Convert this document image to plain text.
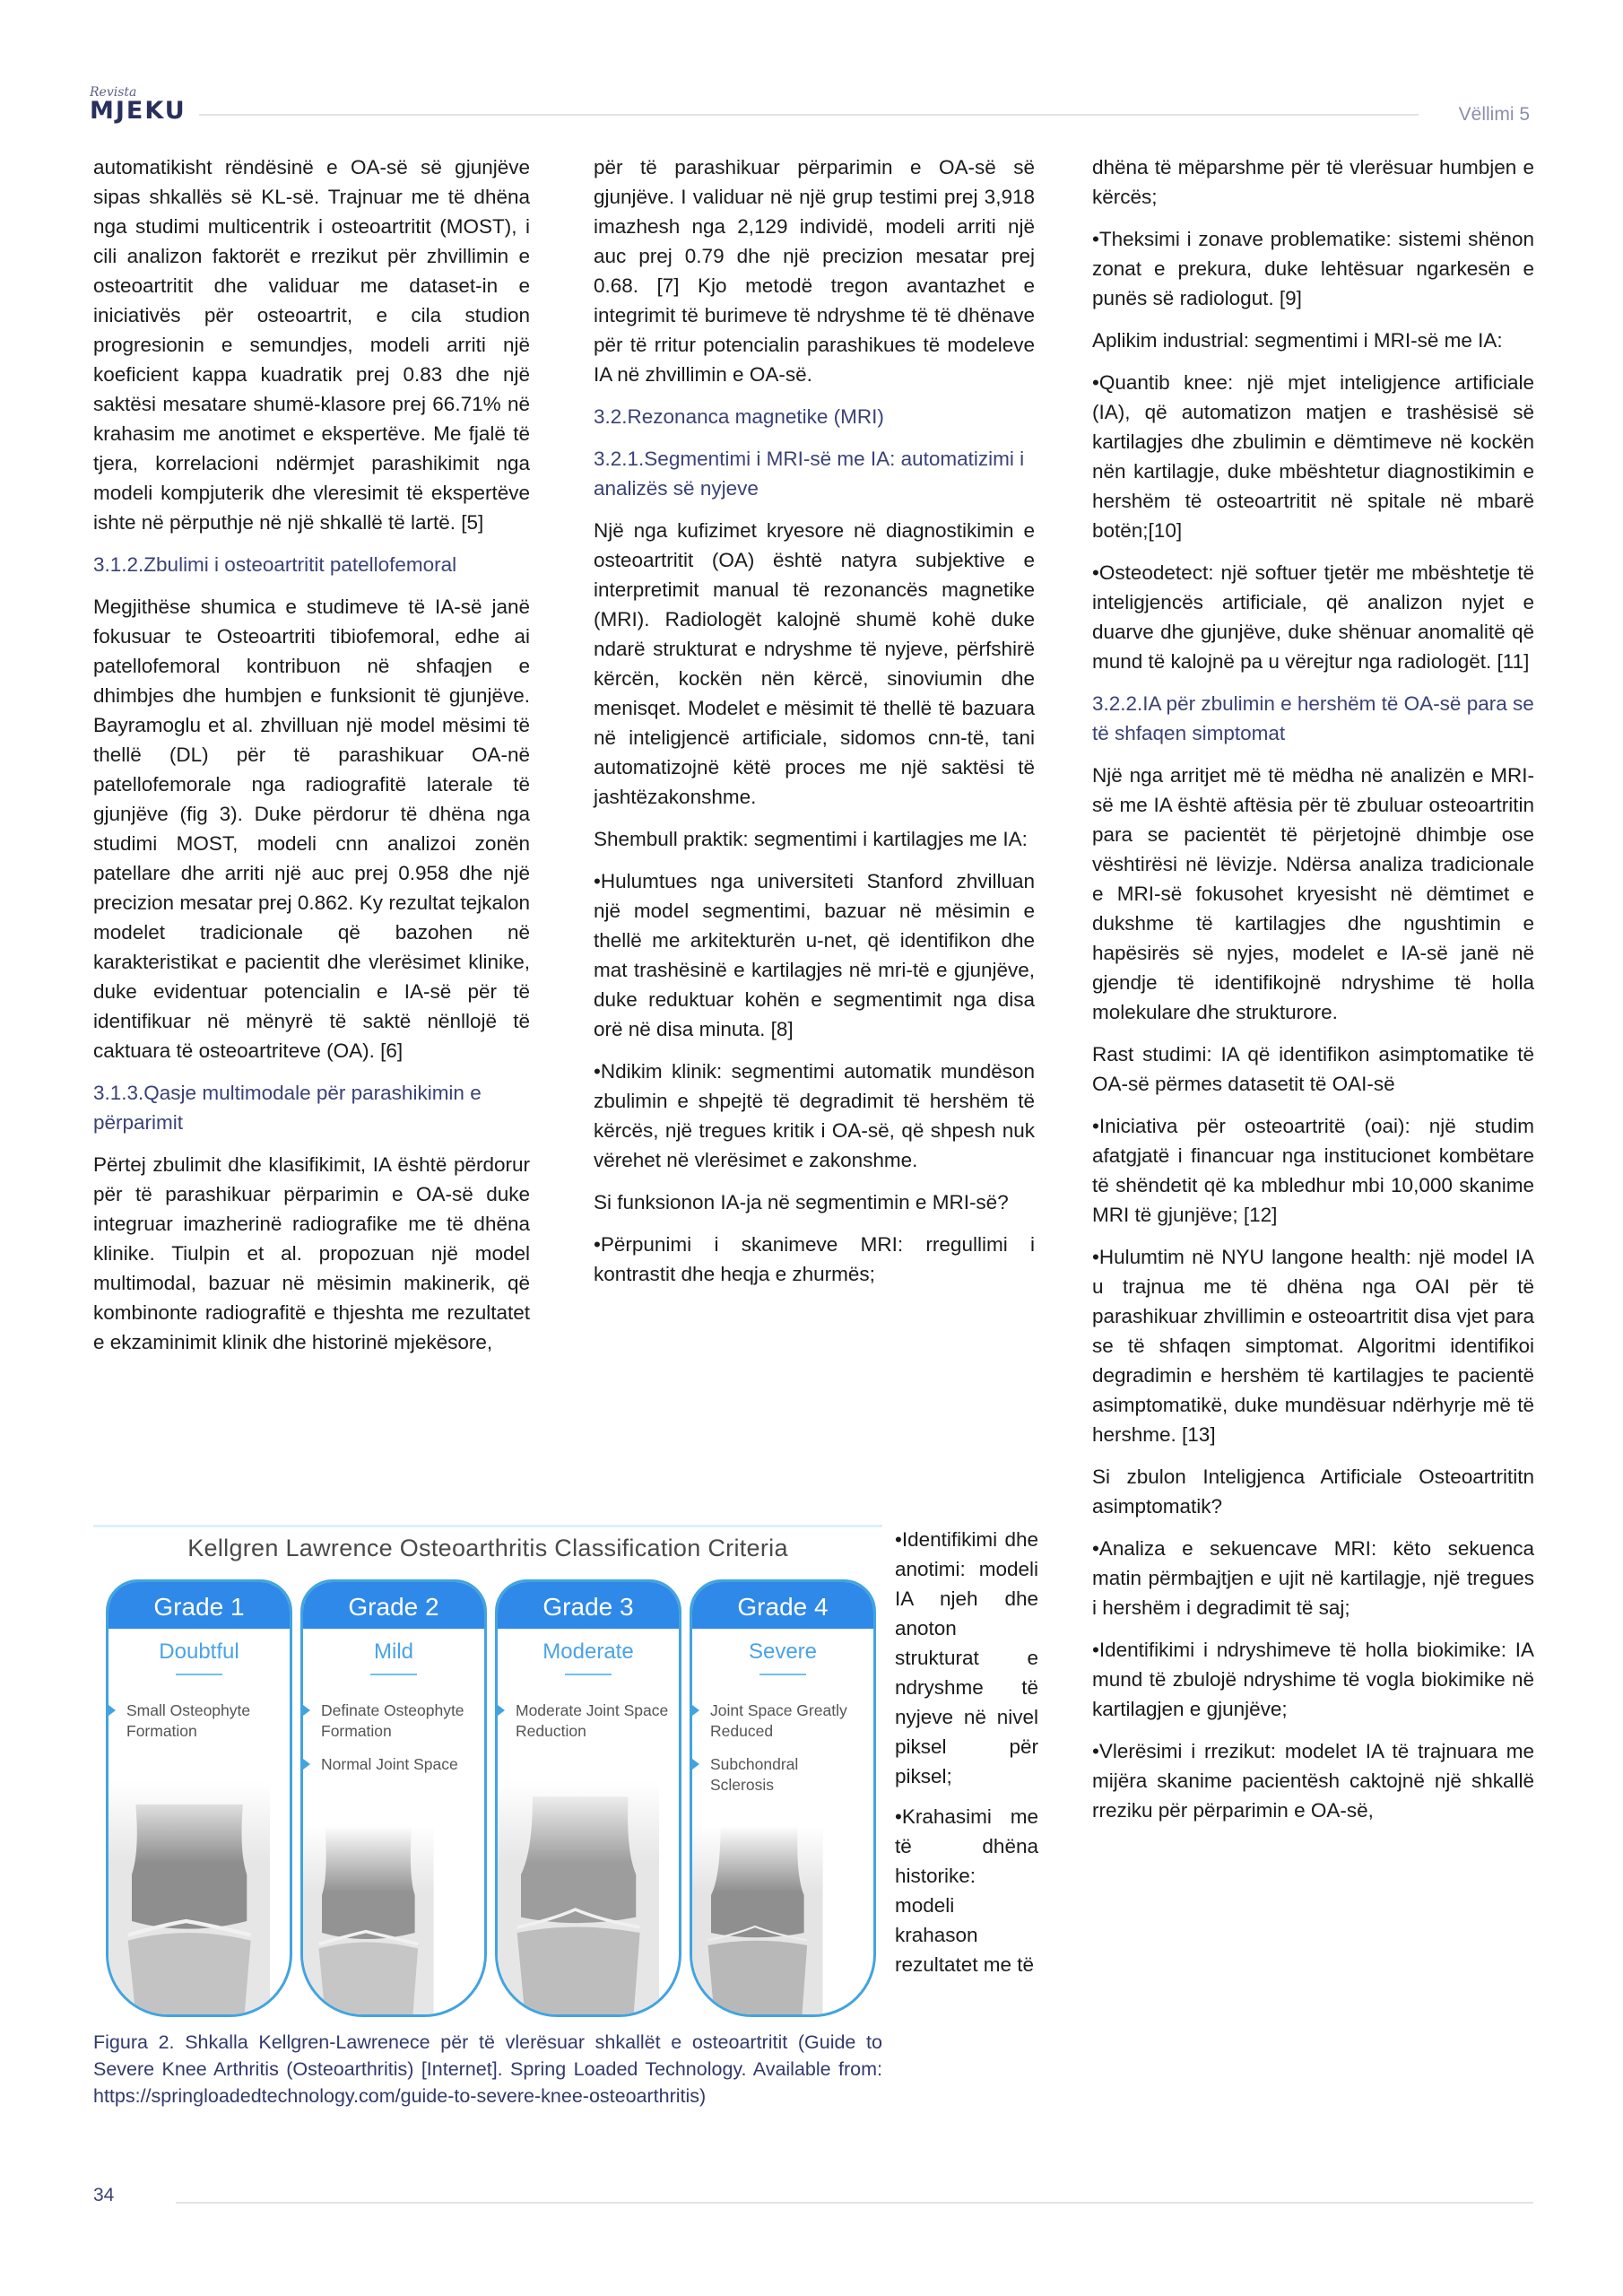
Revista
MJEKU	Vëllimi 5

automatikisht rëndësinë e OA-së së gjunjëve sipas shkallës së KL-së. Trajnuar me të dhëna nga studimi multicentrik i osteoartritit (MOST), i cili analizon faktorët e rrezikut për zhvillimin e osteoartritit dhe validuar me dataset-in e iniciativës për osteoartrit, e cila studion progresionin e semundjes, modeli arriti një koeficient kappa kuadratik prej 0.83 dhe një saktësi mesatare shumë-klasore prej 66.71% në krahasim me anotimet e ekspertëve. Me fjalë të tjera, korrelacioni ndërmjet parashikimit nga modeli kompjuterik dhe vleresimit të ekspertëve ishte në përputhje në një shkallë të lartë. [5]

3.1.2.Zbulimi i osteoartritit patellofemoral

Megjithëse shumica e studimeve të IA-së janë fokusuar te Osteoartriti tibiofemoral, edhe ai patellofemoral kontribuon në shfaqjen e dhimbjes dhe humbjen e funksionit të gjunjëve. Bayramoglu et al. zhvilluan një model mësimi të thellë (DL) për të parashikuar OA-në patellofemorale nga radiografitë laterale të gjunjëve (fig 3). Duke përdorur të dhëna nga studimi MOST, modeli cnn analizoi zonën patellare dhe arriti një auc prej 0.958 dhe një precizion mesatar prej 0.862. Ky rezultat tejkalon modelet tradicionale që bazohen në karakteristikat e pacientit dhe vlerësimet klinike, duke evidentuar potencialin e IA-së për të identifikuar në mënyrë të saktë nënllojë të caktuara të osteoartriteve (OA). [6]

3.1.3.Qasje multimodale për parashikimin e përparimit

Përtej zbulimit dhe klasifikimit, IA është përdorur për të parashikuar përparimin e OA-së duke integruar imazherinë radiografike me të dhëna klinike. Tiulpin et al. propozuan një model multimodal, bazuar në mësimin makinerik, që kombinonte radiografitë e thjeshta me rezultatet e ekzaminimit klinik dhe historinë mjekësore,

për të parashikuar përparimin e OA-së së gjunjëve. I validuar në një grup testimi prej 3,918 imazhesh nga 2,129 individë, modeli arriti një auc prej 0.79 dhe një precizion mesatar prej 0.68. [7] Kjo metodë tregon avantazhet e integrimit të burimeve të ndryshme të të dhënave për të rritur potencialin parashikues të modeleve IA në zhvillimin e OA-së.

3.2.Rezonanca magnetike (MRI)
3.2.1.Segmentimi i MRI-së me IA: automatizimi i analizës së nyjeve

Një nga kufizimet kryesore në diagnostikimin e osteoartritit (OA) është natyra subjektive e interpretimit manual të rezonancës magnetike (MRI). Radiologët kalojnë shumë kohë duke ndarë strukturat e ndryshme të nyjeve, përfshirë kërcën, kockën nën kërcë, sinoviumin dhe menisqet. Modelet e mësimit të thellë të bazuara në inteligjencë artificiale, sidomos cnn-të, tani automatizojnë këtë proces me një saktësi të jashtëzakonshme.

Shembull praktik: segmentimi i kartilagjes me IA:

•Hulumtues nga universiteti Stanford zhvilluan një model segmentimi, bazuar në mësimin e thellë me arkitekturën u-net, që identifikon dhe mat trashësinë e kartilagjes në mri-të e gjunjëve, duke reduktuar kohën e segmentimit nga disa orë në disa minuta. [8]

•Ndikim klinik: segmentimi automatik mundëson zbulimin e shpejtë të degradimit të hershëm të kërcës, një tregues kritik i OA-së, që shpesh nuk vërehet në vlerësimet e zakonshme.

Si funksionon IA-ja në segmentimin e MRI-së?

•Përpunimi i skanimeve MRI: rregullimi i kontrastit dhe heqja e zhurmës;

•Identifikimi dhe anotimi: modeli IA njeh dhe anoton strukturat e ndryshme të nyjeve në nivel piksel për piksel;

•Krahasimi me të dhëna historike: modeli krahason rezultatet me të

dhëna të mëparshme për të vlerësuar humbjen e kërcës;

•Theksimi i zonave problematike: sistemi shënon zonat e prekura, duke lehtësuar ngarkesën e punës së radiologut. [9]

Aplikim industrial: segmentimi i MRI-së me IA:

•Quantib knee: një mjet inteligjence artificiale (IA), që automatizon matjen e trashësisë së kartilagjes dhe zbulimin e dëmtimeve në kockën nën kartilagje, duke mbështetur diagnostikimin e hershëm të osteoartritit në spitale në mbarë botën;[10]

•Osteodetect: një softuer tjetër me mbështetje të inteligjencës artificiale, që analizon nyjet e duarve dhe gjunjëve, duke shënuar anomalitë që mund të kalojnë pa u vërejtur nga radiologët. [11]

3.2.2.IA për zbulimin e hershëm të OA-së para se të shfaqen simptomat

Një nga arritjet më të mëdha në analizën e MRI-së me IA është aftësia për të zbuluar osteoartritin para se pacientët të përjetojnë dhimbje ose vështirësi në lëvizje. Ndërsa analiza tradicionale e MRI-së fokusohet kryesisht në dëmtimet e dukshme të kartilagjes dhe ngushtimin e hapësirës së nyjes, modelet e IA-së janë në gjendje të identifikojnë ndryshime të holla molekulare dhe strukturore.

Rast studimi: IA që identifikon asimptomatike të OA-së përmes datasetit të OAI-së

•Iniciativa për osteoartritë (oai): një studim afatgjatë i financuar nga institucionet kombëtare të shëndetit që ka mbledhur mbi 10,000 skanime MRI të gjunjëve; [12]

•Hulumtim në NYU langone health: një model IA u trajnua me të dhëna nga OAI për të parashikuar zhvillimin e osteoartritit disa vjet para se të shfaqen simptomat. Algoritmi identifikoi degradimin e hershëm të kartilagjes te pacientë asimptomatikë, duke mundësuar ndërhyrje më të hershme. [13]

Si zbulon Inteligjenca Artificiale Osteoartrititn asimptomatik?

•Analiza e sekuencave MRI: këto sekuenca matin përmbajtjen e ujit në kartilagje, një tregues i hershëm i degradimit të saj;

•Identifikimi i ndryshimeve të holla biokimike: IA mund të zbulojë ndryshime të vogla biokimike në kartilagjen e gjunjëve;

•Vlerësimi i rrezikut: modelet IA të trajnuara me mijëra skanime pacientësh caktojnë një shkallë rreziku për përparimin e OA-së,

Kellgren Lawrence Osteoarthritis Classification Criteria
Grade 1
Doubtful
Small Osteophyte Formation
Grade 2
Mild
Definate Osteophyte Formation
Normal Joint Space
Grade 3
Moderate
Moderate Joint Space Reduction
Grade 4
Severe
Joint Space Greatly Reduced
Subchondral Sclerosis
Figura 2. Shkalla Kellgren-Lawrenece për të vlerësuar shkallët e osteoartritit (Guide to Severe Knee Arthritis (Osteoarthritis) [Internet]. Spring Loaded Technology. Available from: https://springloadedtechnology.com/guide-to-severe-knee-osteoarthritis)
34
